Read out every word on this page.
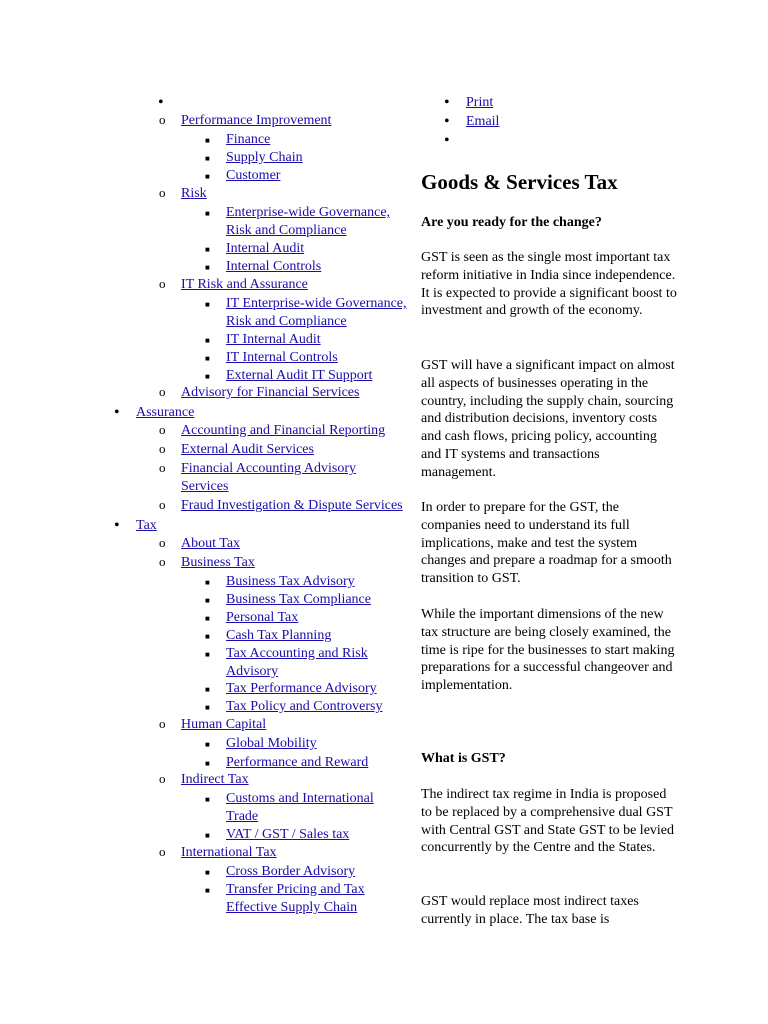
•
o Performance Improvement
■ Finance
■ Supply Chain
■ Customer
o Risk
■ Enterprise-wide Governance, Risk and Compliance
■ Internal Audit
■ Internal Controls
o IT Risk and Assurance
■ IT Enterprise-wide Governance, Risk and Compliance
■ IT Internal Audit
■ IT Internal Controls
■ External Audit IT Support
o Advisory for Financial Services
• Assurance
o Accounting and Financial Reporting
o External Audit Services
o Financial Accounting Advisory Services
o Fraud Investigation & Dispute Services
• Tax
o About Tax
o Business Tax
■ Business Tax Advisory
■ Business Tax Compliance
■ Personal Tax
■ Cash Tax Planning
■ Tax Accounting and Risk Advisory
■ Tax Performance Advisory
■ Tax Policy and Controversy
o Human Capital
■ Global Mobility
■ Performance and Reward
o Indirect Tax
■ Customs and International Trade
■ VAT / GST / Sales tax
o International Tax
■ Cross Border Advisory
■ Transfer Pricing and Tax Effective Supply Chain
• Print
• Email
•
Goods & Services Tax
Are you ready for the change?

GST is seen as the single most important tax reform initiative in India since independence. It is expected to provide a significant boost to investment and growth of the economy.

GST will have a significant impact on almost all aspects of businesses operating in the country, including the supply chain, sourcing and distribution decisions, inventory costs and cash flows, pricing policy, accounting and IT systems and transactions management.

In order to prepare for the GST, the companies need to understand its full implications, make and test the system changes and prepare a roadmap for a smooth transition to GST.

While the important dimensions of the new tax structure are being closely examined, the time is ripe for the businesses to start making preparations for a successful changeover and implementation.

What is GST?

The indirect tax regime in India is proposed to be replaced by a comprehensive dual GST with Central GST and State GST to be levied concurrently by the Centre and the States.

GST would replace most indirect taxes currently in place. The tax base is
